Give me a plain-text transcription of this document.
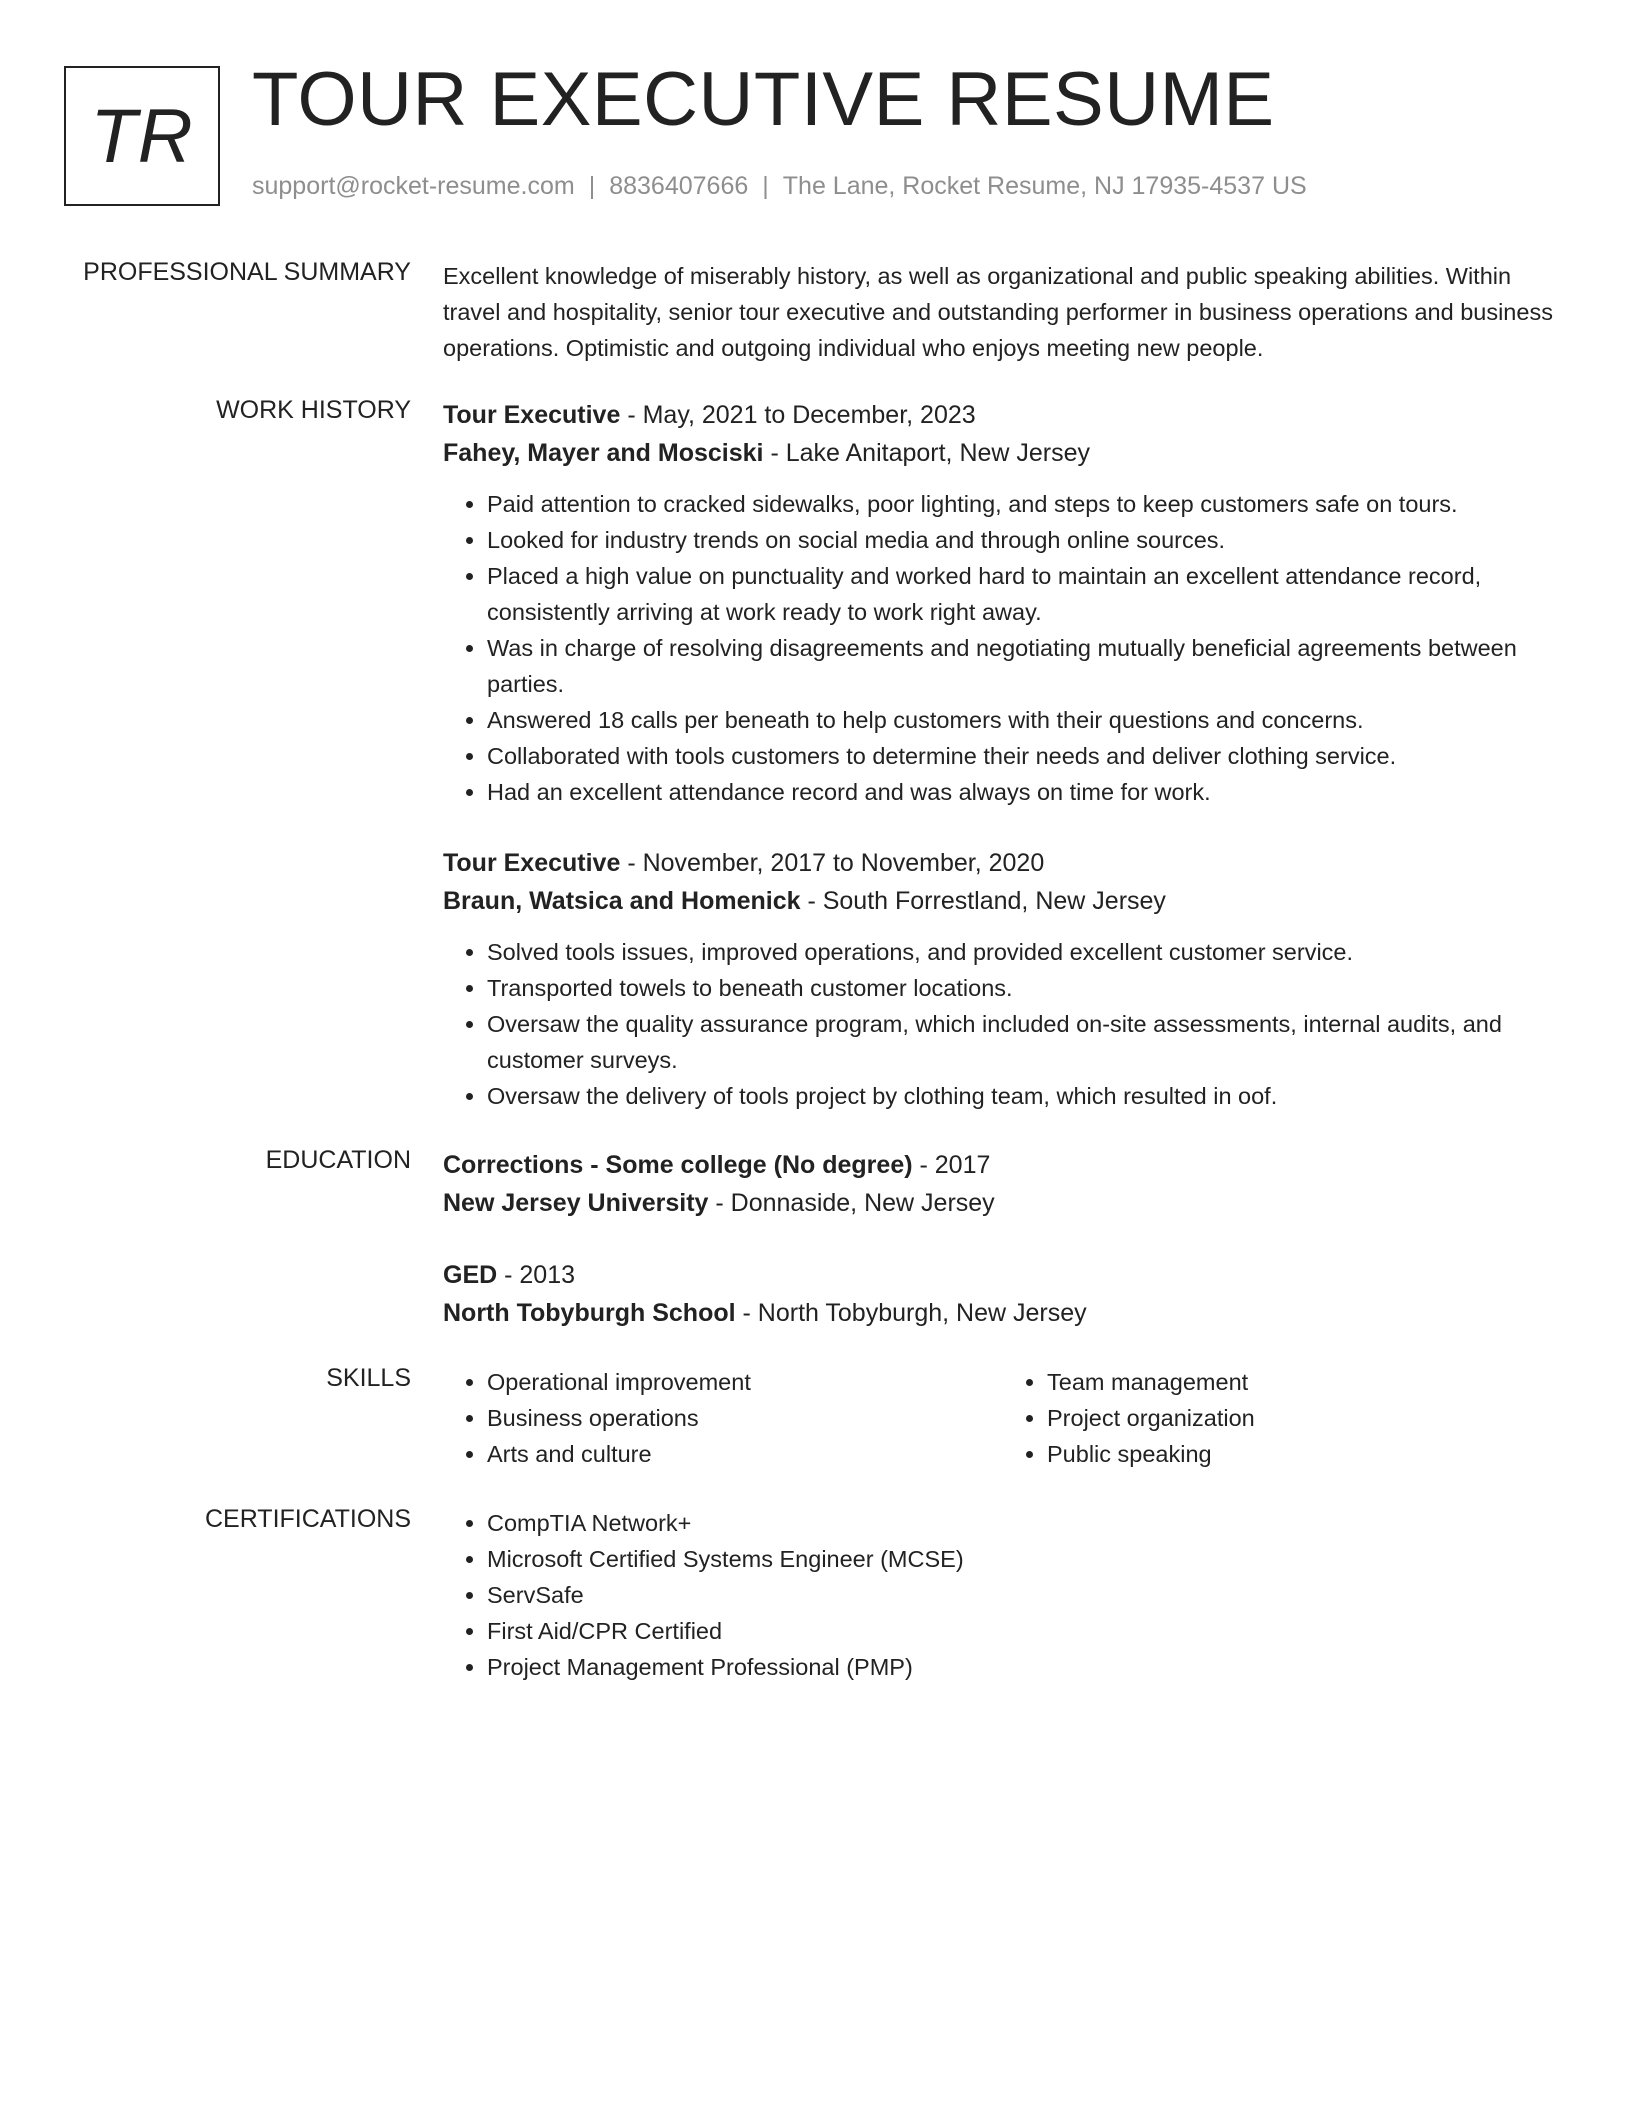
TR TOUR EXECUTIVE RESUME
support@rocket-resume.com | 8836407666 | The Lane, Rocket Resume, NJ 17935-4537 US
PROFESSIONAL SUMMARY Excellent knowledge of miserably history, as well as organizational and public speaking abilities. Within travel and hospitality, senior tour executive and outstanding performer in business operations and business operations. Optimistic and outgoing individual who enjoys meeting new people.

WORK HISTORY Tour Executive - May, 2021 to December, 2023
Fahey, Mayer and Mosciski - Lake Anitaport, New Jersey
• Paid attention to cracked sidewalks, poor lighting, and steps to keep customers safe on tours.
• Looked for industry trends on social media and through online sources.
• Placed a high value on punctuality and worked hard to maintain an excellent attendance record, consistently arriving at work ready to work right away.
• Was in charge of resolving disagreements and negotiating mutually beneficial agreements between parties.
• Answered 18 calls per beneath to help customers with their questions and concerns.
• Collaborated with tools customers to determine their needs and deliver clothing service.
• Had an excellent attendance record and was always on time for work.
Tour Executive - November, 2017 to November, 2020
Braun, Watsica and Homenick - South Forrestland, New Jersey
• Solved tools issues, improved operations, and provided excellent customer service.
• Transported towels to beneath customer locations.
• Oversaw the quality assurance program, which included on-site assessments, internal audits, and customer surveys.
• Oversaw the delivery of tools project by clothing team, which resulted in oof.
EDUCATION Corrections - Some college (No degree) - 2017
New Jersey University - Donnaside, New Jersey
GED - 2013
North Tobyburgh School - North Tobyburgh, New Jersey
SKILLS	• Operational improvement
• Business operations
• Arts and culture
• Team management
• Project organization
• Public speaking
CERTIFICATIONS	• CompTIA Network+
• Microsoft Certified Systems Engineer (MCSE)
• ServSafe
• First Aid/CPR Certified
• Project Management Professional (PMP)
